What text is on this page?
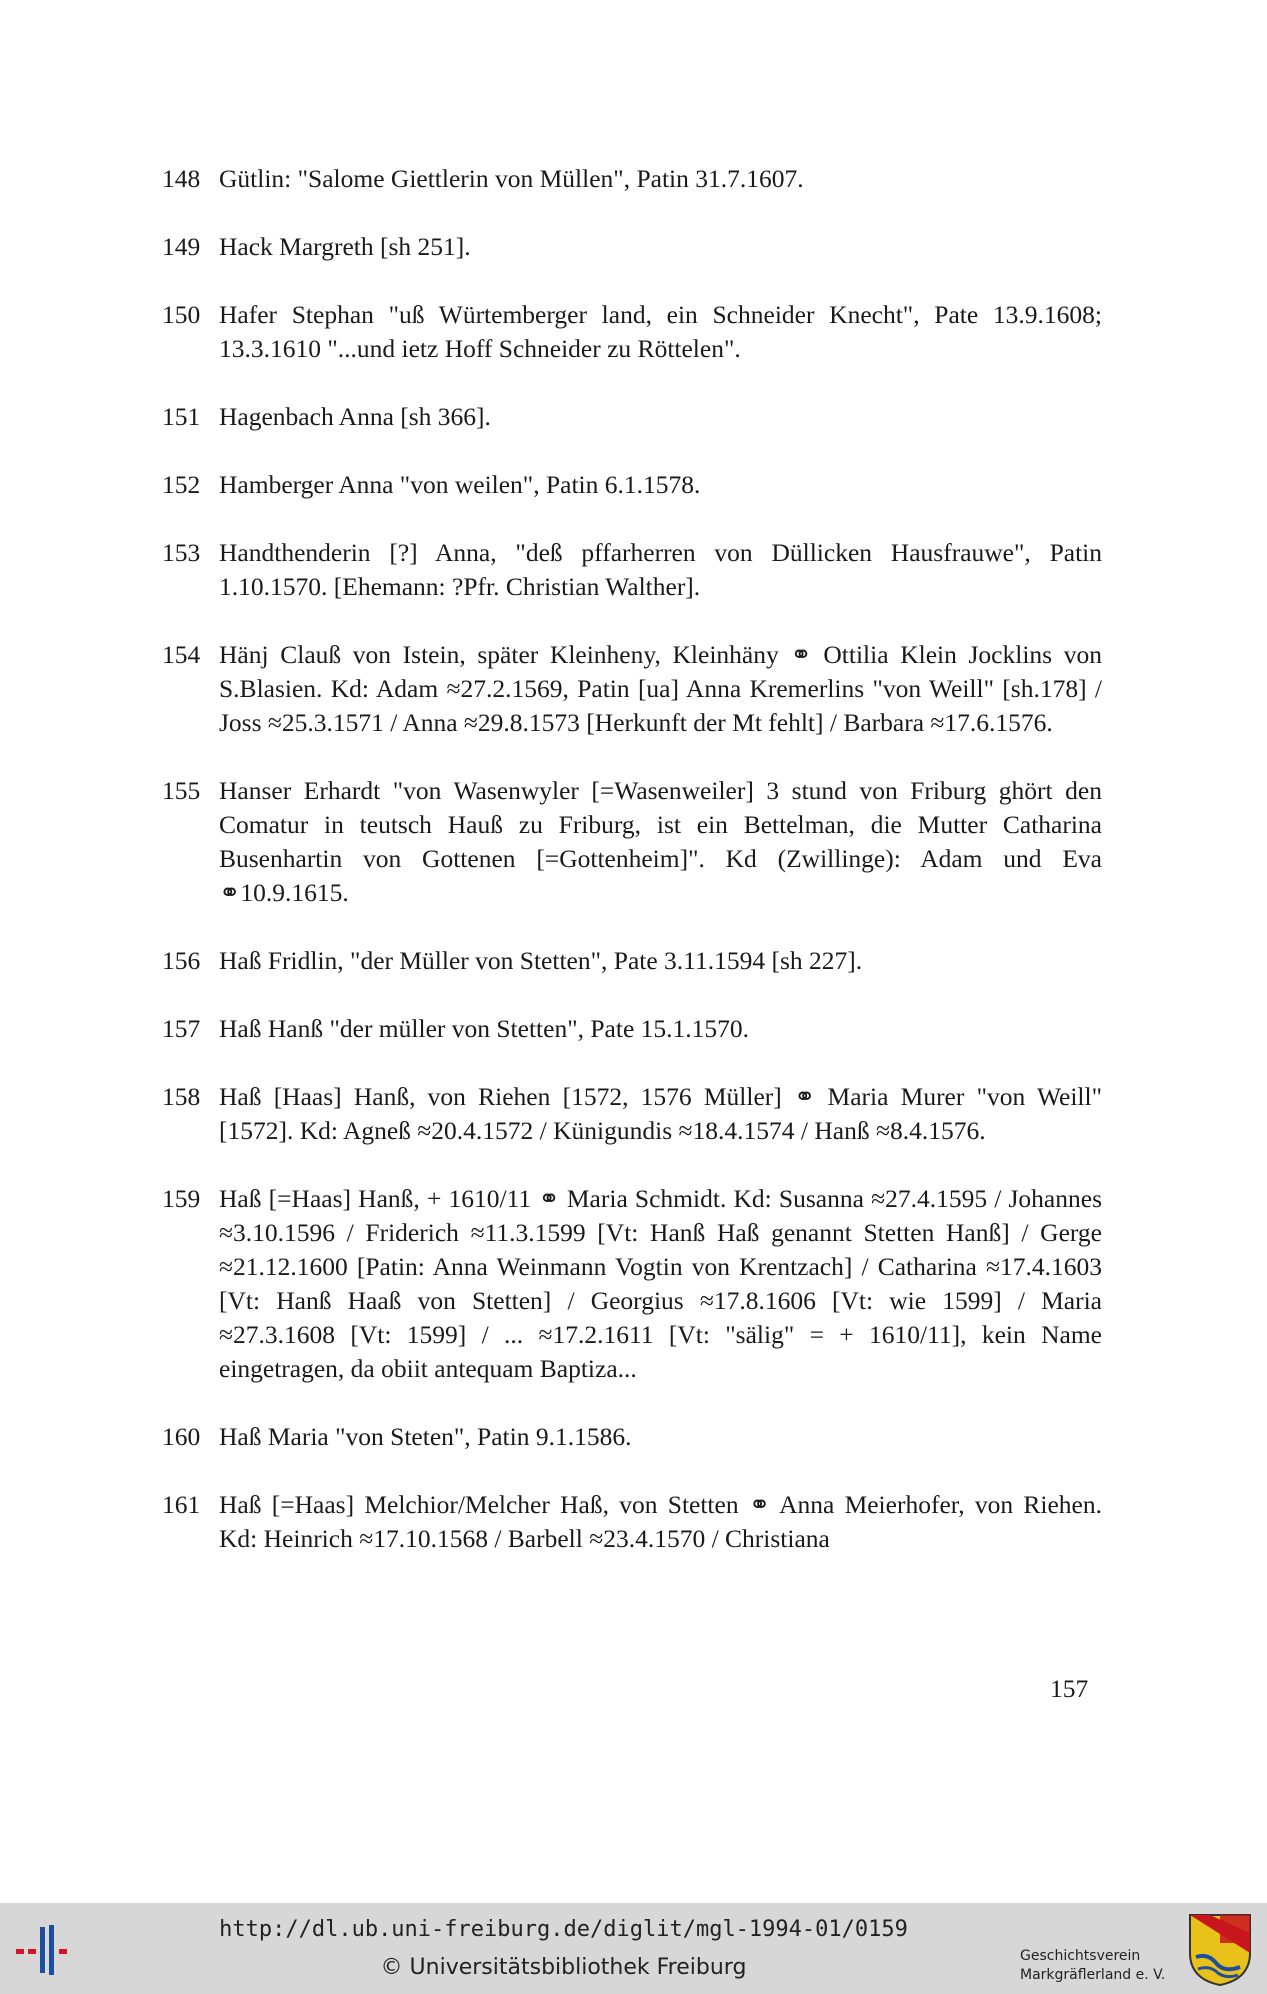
148 Gütlin: "Salome Giettlerin von Müllen", Patin 31.7.1607.
149 Hack Margreth [sh 251].
150 Hafer Stephan "uß Würtemberger land, ein Schneider Knecht", Pate 13.9.1608; 13.3.1610 "...und ietz Hoff Schneider zu Röttelen".
151 Hagenbach Anna [sh 366].
152 Hamberger Anna "von weilen", Patin 6.1.1578.
153 Handthenderin [?] Anna, "deß pffarherren von Düllicken Hausfrauwe", Patin 1.10.1570. [Ehemann: ?Pfr. Christian Walther].
154 Hänj Clauß von Istein, später Kleinheny, Kleinhäny ⚭ Ottilia Klein Jocklins von S.Blasien. Kd: Adam ≈27.2.1569, Patin [ua] Anna Kremerlins "von Weill" [sh.178] / Joss ≈25.3.1571 / Anna ≈29.8.1573 [Herkunft der Mt fehlt] / Barbara ≈17.6.1576.
155 Hanser Erhardt "von Wasenwyler [=Wasenweiler] 3 stund von Friburg ghört den Comatur in teutsch Hauß zu Friburg, ist ein Bettelman, die Mutter Catharina Busenhartin von Gottenen [=Gottenheim]". Kd (Zwillinge): Adam und Eva ⚭10.9.1615.
156 Haß Fridlin, "der Müller von Stetten", Pate 3.11.1594 [sh 227].
157 Haß Hanß "der müller von Stetten", Pate 15.1.1570.
158 Haß [Haas] Hanß, von Riehen [1572, 1576 Müller] ⚭ Maria Murer "von Weill" [1572]. Kd: Agneß ≈20.4.1572 / Künigundis ≈18.4.1574 / Hanß ≈8.4.1576.
159 Haß [=Haas] Hanß, + 1610/11 ⚭ Maria Schmidt. Kd: Susanna ≈27.4.1595 / Johannes ≈3.10.1596 / Friderich ≈11.3.1599 [Vt: Hanß Haß genannt Stetten Hanß] / Gerge ≈21.12.1600 [Patin: Anna Weinmann Vogtin von Krentzach] / Catharina ≈17.4.1603 [Vt: Hanß Haaß von Stetten] / Georgius ≈17.8.1606 [Vt: wie 1599] / Maria ≈27.3.1608 [Vt: 1599] / ... ≈17.2.1611 [Vt: "sälig" = + 1610/11], kein Name eingetragen, da obiit antequam Baptiza...
160 Haß Maria "von Steten", Patin 9.1.1586.
161 Haß [=Haas] Melchior/Melcher Haß, von Stetten ⚭ Anna Meierhofer, von Riehen. Kd: Heinrich ≈17.10.1568 / Barbell ≈23.4.1570 / Christiana
157
http://dl.ub.uni-freiburg.de/diglit/mgl-1994-01/0159
© Universitätsbibliothek Freiburg	Geschichtsverein
Markgräflerland e. V.
